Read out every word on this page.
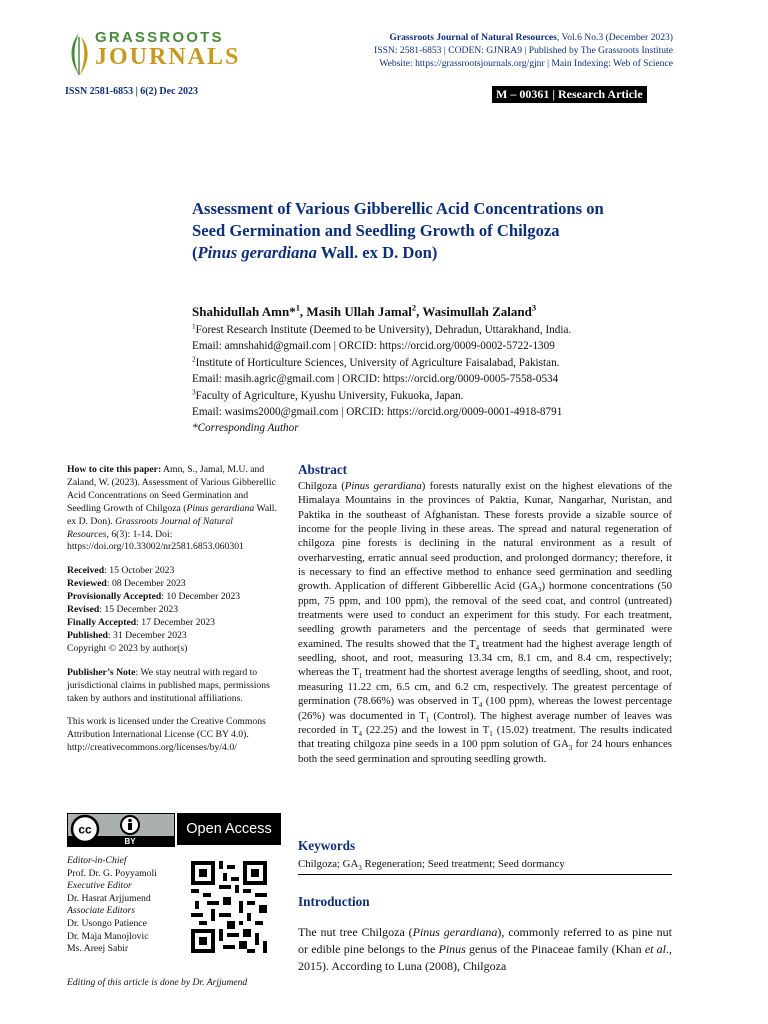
GRASSROOTS
JOURNALS
Grassroots Journal of Natural Resources, Vol.6 No.3 (December 2023)
ISSN: 2581-6853 | CODEN: GJNRA9 | Published by The Grassroots Institute
Website: https://grassrootsjournals.org/gjnr | Main Indexing: Web of Science
ISSN 2581-6853 | 6(2) Dec 2023	M – 00361 | Research Article
Assessment of Various Gibberellic Acid Concentrations on
Seed Germination and Seedling Growth of Chilgoza
(Pinus gerardiana Wall. ex D. Don)
Shahidullah Amn*$^1$, Masih Ullah Jamal$^2$, Wasimullah Zaland$^3$
$^1$Forest Research Institute (Deemed to be University), Dehradun, Uttarakhand, India.
Email: amnshahid@gmail.com | ORCID: https://orcid.org/0009-0002-5722-1309
$^2$Institute of Horticulture Sciences, University of Agriculture Faisalabad, Pakistan.
Email: masih.agric@gmail.com | ORCID: https://orcid.org/0009-0005-7558-0534
$^3$Faculty of Agriculture, Kyushu University, Fukuoka, Japan.
Email: wasims2000@gmail.com | ORCID: https://orcid.org/0009-0001-4918-8791
*Corresponding Author

How to cite this paper: Amn, S., Jamal, M.U. and Zaland, W. (2023). Assessment of Various Gibberellic Acid Concentrations on Seed Germination and Seedling Growth of Chilgoza (Pinus gerardiana Wall. ex D. Don). Grassroots Journal of Natural Resources, 6(3): 1-14. Doi: https://doi.org/10.33002/nr2581.6853.060301

Received: 15 October 2023
Reviewed: 08 December 2023
Provisionally Accepted: 10 December 2023
Revised: 15 December 2023
Finally Accepted: 17 December 2023
Published: 31 December 2023
Copyright © 2023 by author(s)

Publisher’s Note: We stay neutral with regard to jurisdictional claims in published maps, permissions taken by authors and institutional affiliations.

This work is licensed under the Creative Commons Attribution International License (CC BY 4.0). http://creativecommons.org/licenses/by/4.0/

cc
BY
Open Access
Editor-in-Chief
Prof. Dr. G. Poyyamoli
Executive Editor
Dr. Hasrat Arjjumend
Associate Editors
Dr. Usongo Patience
Dr. Maja Manojlovic
Ms. Areej Sabir
Editing of this article is done by Dr. Arjjumend
Abstract
Chilgoza (Pinus gerardiana) forests naturally exist on the highest elevations of the Himalaya Mountains in the provinces of Paktia, Kunar, Nangarhar, Nuristan, and Paktika in the southeast of Afghanistan. These forests provide a sizable source of income for the people living in these areas. The spread and natural regeneration of chilgoza pine forests is declining in the natural environment as a result of overharvesting, erratic annual seed production, and prolonged dormancy; therefore, it is necessary to find an effective method to enhance seed germination and seedling growth. Application of different Gibberellic Acid $(GA_3)$ hormone concentrations (50 ppm, 75 ppm, and 100 ppm), the removal of the seed coat, and control (untreated) treatments were used to conduct an experiment for this study. For each treatment, seedling growth parameters and the percentage of seeds that germinated were examined. The results showed that the $T_4$ treatment had the highest average length of seedling, shoot, and root, measuring 13.34 cm, 8.1 cm, and 8.4 cm, respectively; whereas the $T_1$ treatment had the shortest average lengths of seedling, shoot, and root, measuring 11.22 cm, 6.5 cm, and 6.2 cm, respectively. The greatest percentage of germination (78.66%) was observed in $T_4$ (100 ppm), whereas the lowest percentage (26%) was documented in $T_1$ (Control). The highest average number of leaves was recorded in $T_4$ (22.25) and the lowest in $T_1$ (15.02) treatment. The results indicated that treating chilgoza pine seeds in a 100 ppm solution of $GA_3$ for 24 hours enhances both the seed germination and sprouting seedling growth.
Keywords
Chilgoza; $GA_3$ Regeneration; Seed treatment; Seed dormancy
Introduction
The nut tree Chilgoza (Pinus gerardiana), commonly referred to as pine nut or edible pine belongs to the Pinus genus of the Pinaceae family (Khan et al., 2015). According to Luna (2008), Chilgoza
